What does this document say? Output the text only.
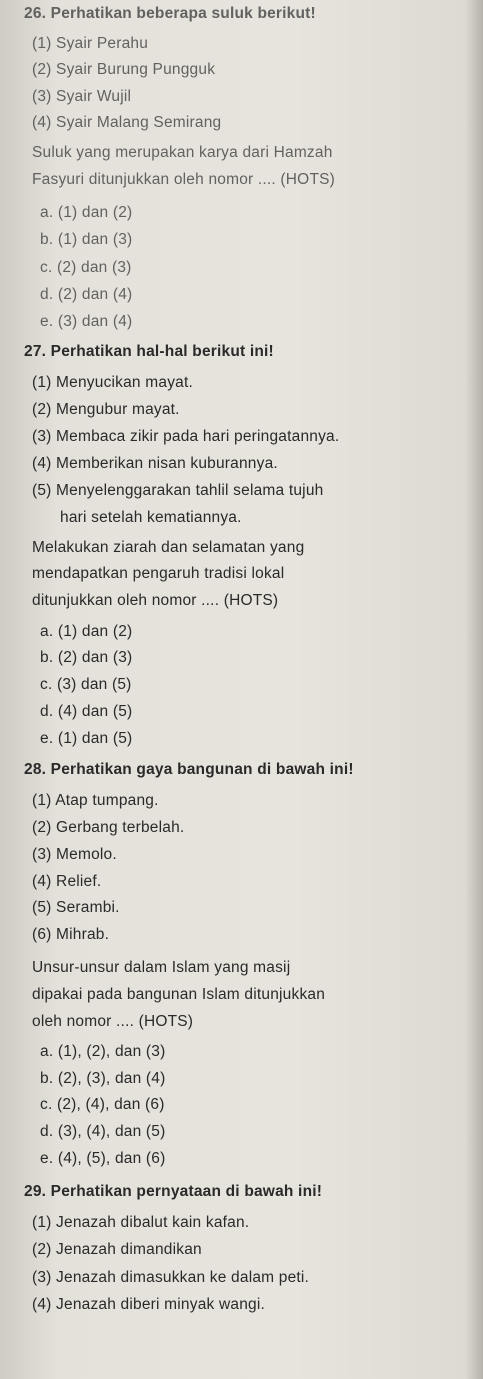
26. Perhatikan beberapa suluk berikut!
(1) Syair Perahu
(2) Syair Burung Pungguk
(3) Syair Wujil
(4) Syair Malang Semirang
Suluk yang merupakan karya dari Hamzah
Fasyuri ditunjukkan oleh nomor .... (HOTS)
a. (1) dan (2)
b. (1) dan (3)
c. (2) dan (3)
d. (2) dan (4)
e. (3) dan (4)
27. Perhatikan hal-hal berikut ini!
(1) Menyucikan mayat.
(2) Mengubur mayat.
(3) Membaca zikir pada hari peringatannya.
(4) Memberikan nisan kuburannya.
(5) Menyelenggarakan tahlil selama tujuh
hari setelah kematiannya.
Melakukan ziarah dan selamatan yang
mendapatkan pengaruh tradisi lokal
ditunjukkan oleh nomor .... (HOTS)
a. (1) dan (2)
b. (2) dan (3)
c. (3) dan (5)
d. (4) dan (5)
e. (1) dan (5)
28. Perhatikan gaya bangunan di bawah ini!
(1) Atap tumpang.
(2) Gerbang terbelah.
(3) Memolo.
(4) Relief.
(5) Serambi.
(6) Mihrab.
Unsur-unsur dalam Islam yang masij
dipakai pada bangunan Islam ditunjukkan
oleh nomor .... (HOTS)
a. (1), (2), dan (3)
b. (2), (3), dan (4)
c. (2), (4), dan (6)
d. (3), (4), dan (5)
e. (4), (5), dan (6)
29. Perhatikan pernyataan di bawah ini!
(1) Jenazah dibalut kain kafan.
(2) Jenazah dimandikan
(3) Jenazah dimasukkan ke dalam peti.
(4) Jenazah diberi minyak wangi.
